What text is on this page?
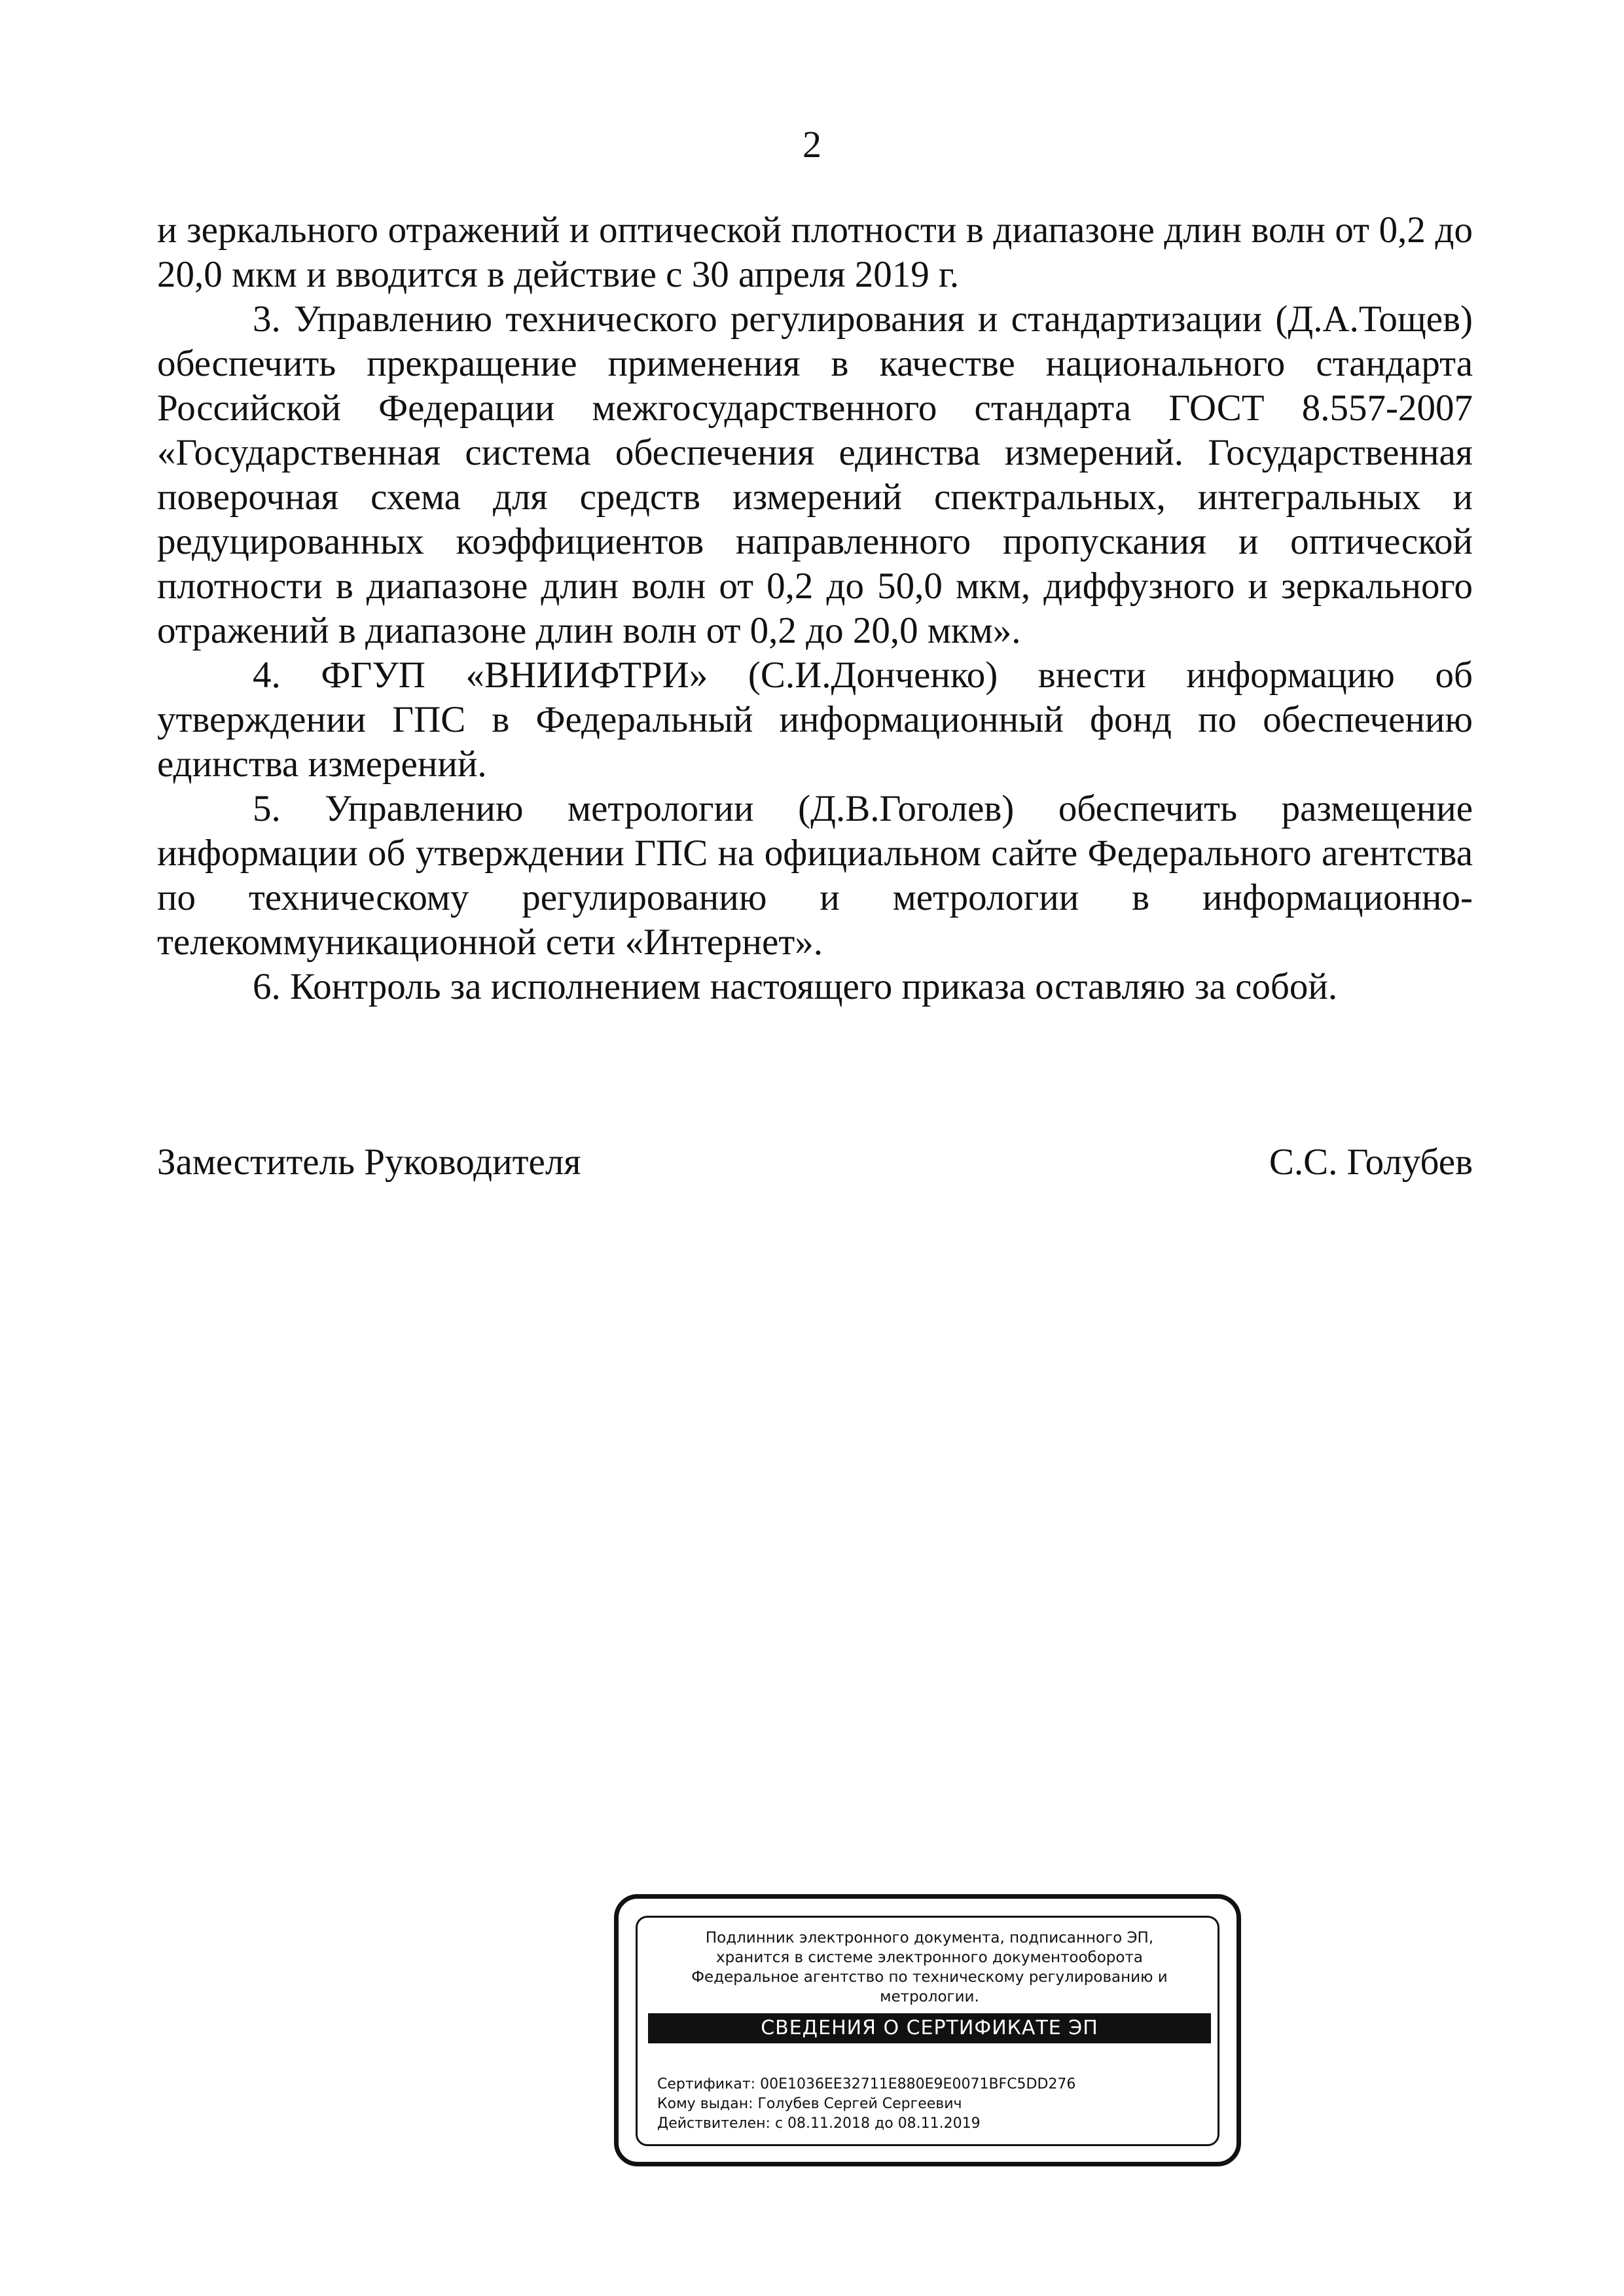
2

и зеркального отражений и оптической плотности в диапазоне длин волн от 0,2 до 20,0 мкм и вводится в действие с 30 апреля 2019 г.

3. Управлению технического регулирования и стандартизации (Д.А.Тощев) обеспечить прекращение применения в качестве национального стандарта Российской Федерации межгосударственного стандарта ГОСТ 8.557-2007 «Государственная система обеспечения единства измерений. Государственная поверочная схема для средств измерений спектральных, интегральных и редуцированных коэффициентов направленного пропускания и оптической плотности в диапазоне длин волн от 0,2 до 50,0 мкм, диффузного и зеркального отражений в диапазоне длин волн от 0,2 до 20,0 мкм».

4. ФГУП «ВНИИФТРИ» (С.И.Донченко) внести информацию об утверждении ГПС в Федеральный информационный фонд по обеспечению единства измерений.

5. Управлению метрологии (Д.В.Гоголев) обеспечить размещение информации об утверждении ГПС на официальном сайте Федерального агентства по техническому регулированию и метрологии в информационно-телекоммуникационной сети «Интернет».

6. Контроль за исполнением настоящего приказа оставляю за собой.

Заместитель Руководителя	С.С. Голубев
Подлинник электронного документа, подписанного ЭП,
хранится в системе электронного документооборота
Федеральное агентство по техническому регулированию и
метрологии.
СВЕДЕНИЯ О СЕРТИФИКАТЕ ЭП
Сертификат: 00E1036EE32711E880E9E0071BFC5DD276
Кому выдан: Голубев Сергей Сергеевич
Действителен: с 08.11.2018 до 08.11.2019
